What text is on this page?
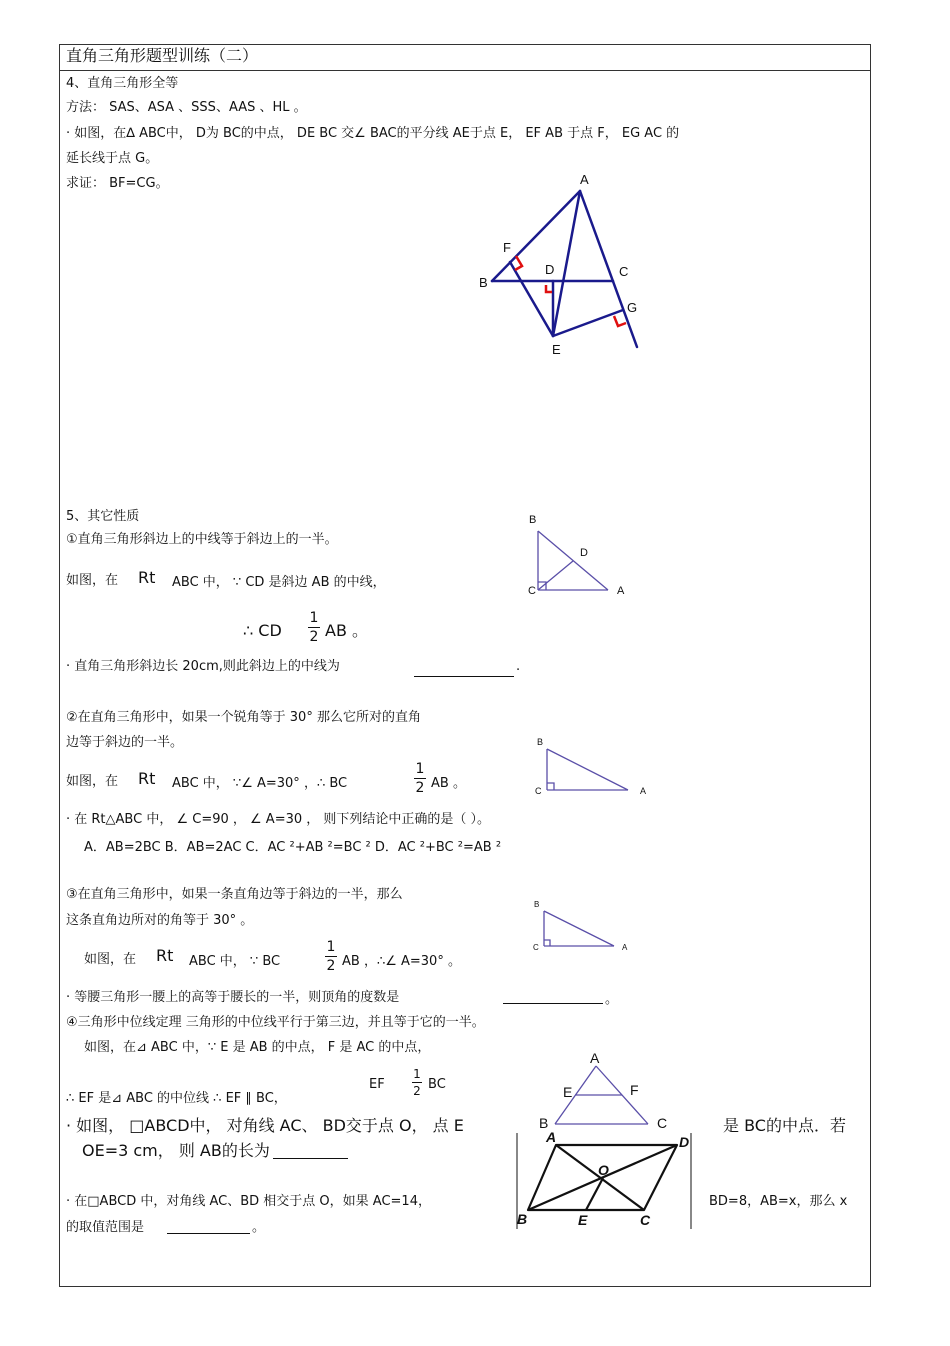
直角三角形题型训练（二）
4、直角三角形全等
方法： SAS、ASA 、SSS、AAS 、HL 。
· 如图，在∆ ABC中， D为 BC的中点， DE BC 交∠ BAC的平分线 AE于点 E， EF AB 于点 F， EG AC 的
延长线于点 G。
求证： BF=CG。	A
F
D	C
B
G
E
5、其它性质
①直角三角形斜边上的中线等于斜边上的一半。
如图，在 Rt ABC 中， ∵ CD 是斜边 AB 的中线，
∴ CD
1
2 AB 。
· 直角三角形斜边长 20cm,则此斜边上的中线为	.
B
D
C	A
②在直角三角形中，如果一个锐角等于 30° 那么它所对的直角
边等于斜边的一半。
如图，在 Rt ABC 中， ∵∠ A=30° ，∴ BC
1
2 AB 。
· 在 Rt△ABC 中， ∠ C=90 ， ∠ A=30 ， 则下列结论中正确的是（ ）。
A．AB=2BC B．AB=2AC C．AC ²+AB ²=BC ² D．AC ²+BC ²=AB ²
B
C	A
③在直角三角形中，如果一条直角边等于斜边的一半，那么
这条直角边所对的角等于 30° 。
如图，在 Rt ABC 中， ∵ BC
1
2 AB ，∴∠ A=30° 。
· 等腰三角形一腰上的高等于腰长的一半，则顶角的度数是	。
B
C	A
④三角形中位线定理 三角形的中位线平行于第三边，并且等于它的一半。
如图，在⊿ ABC 中，∵ E 是 AB 的中点， F 是 AC 的中点，
∴ EF 是⊿ ABC 的中位线 ∴ EF ∥ BC，
EF
1
2 BC
A
E	F
B	C
· 如图， □ABCD中， 对角线 AC、 BD交于点 O， 点 E	是 BC的中点．若
OE=3 cm， 则 AB的长为
A	D
O
B	E	C
· 在□ABCD 中，对角线 AC、BD 相交于点 O，如果 AC=14，	BD=8，AB=x，那么 x
的取值范围是	。
